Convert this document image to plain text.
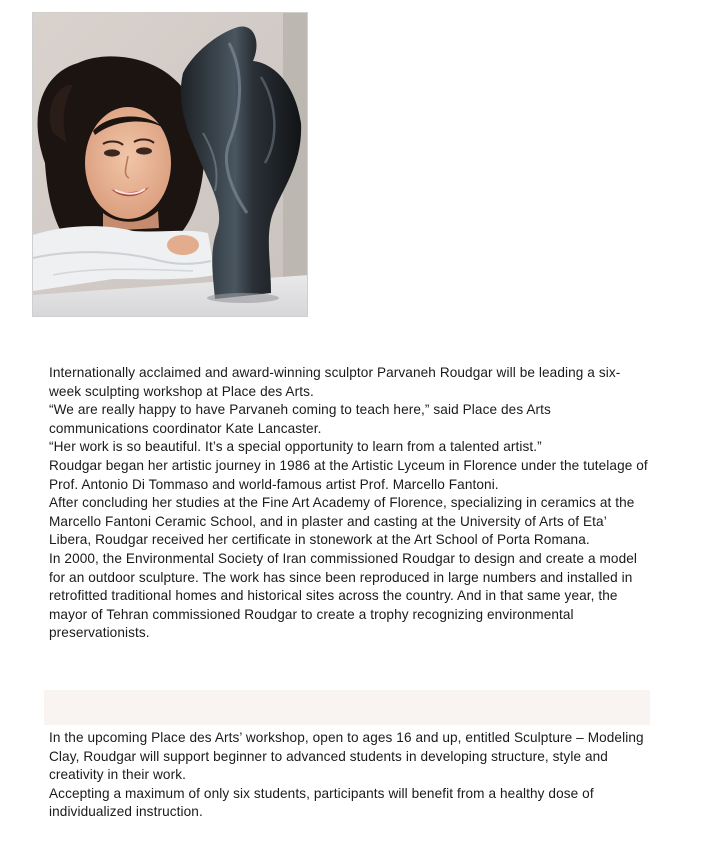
Internationally acclaimed and award-winning sculptor Parvaneh Roudgar will be leading a six-week sculpting workshop at Place des Arts.

“We are really happy to have Parvaneh coming to teach here,” said Place des Arts communications coordinator Kate Lancaster.

“Her work is so beautiful. It’s a special opportunity to learn from a talented artist.”

Roudgar began her artistic journey in 1986 at the Artistic Lyceum in Florence under the tutelage of Prof. Antonio Di Tommaso and world-famous artist Prof. Marcello Fantoni.

After concluding her studies at the Fine Art Academy of Florence, specializing in ceramics at the Marcello Fantoni Ceramic School, and in plaster and casting at the University of Arts of Eta’ Libera, Roudgar received her certificate in stonework at the Art School of Porta Romana.

In 2000, the Environmental Society of Iran commissioned Roudgar to design and create a model for an outdoor sculpture. The work has since been reproduced in large numbers and installed in retrofitted traditional homes and historical sites across the country. And in that same year, the mayor of Tehran commissioned Roudgar to create a trophy recognizing environmental preservationists.

In the upcoming Place des Arts’ workshop, open to ages 16 and up, entitled Sculpture – Modeling Clay, Roudgar will support beginner to advanced students in developing structure, style and creativity in their work.

Accepting a maximum of only six students, participants will benefit from a healthy dose of individualized instruction.
